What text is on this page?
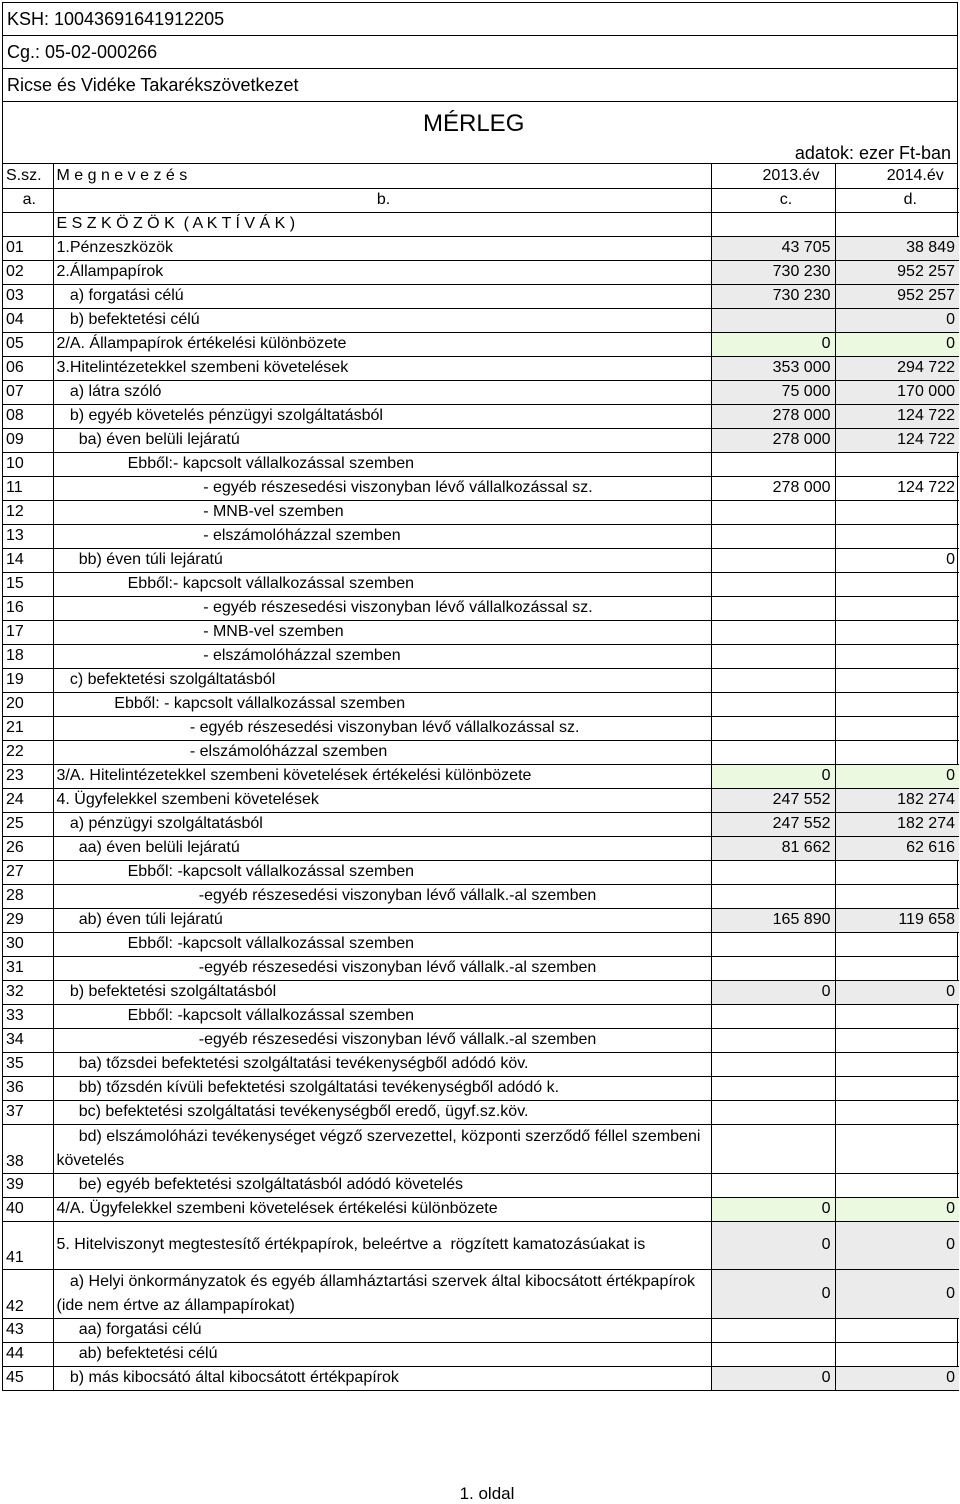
KSH: 10043691641912205
Cg.: 05-02-000266
Ricse és Vidéke Takarékszövetkezet
MÉRLEG
adatok: ezer Ft-ban
S.sz.	M e g n e v e z é s	2013.év	2014.év
a.	b.	c.	d.
	E S Z K Ö Z Ö K  ( A K T Í V Á K )		
01	1.Pénzeszközök	43 705	38 849
02	2.Állampapírok	730 230	952 257
03	a) forgatási célú	730 230	952 257
04	b) befektetési célú		0
05	2/A. Állampapírok értékelési különbözete	0	0
06	3.Hitelintézetekkel szembeni követelések	353 000	294 722
07	a) látra szóló	75 000	170 000
08	b) egyéb követelés pénzügyi szolgáltatásból	278 000	124 722
09	ba) éven belüli lejáratú	278 000	124 722
10	Ebből:- kapcsolt vállalkozással szemben		
11	- egyéb részesedési viszonyban lévő vállalkozással sz.	278 000	124 722
12	- MNB-vel szemben		
13	- elszámolóházzal szemben		
14	bb) éven túli lejáratú		0
15	Ebből:- kapcsolt vállalkozással szemben		
16	- egyéb részesedési viszonyban lévő vállalkozással sz.		
17	- MNB-vel szemben		
18	- elszámolóházzal szemben		
19	c) befektetési szolgáltatásból		
20	Ebből: - kapcsolt vállalkozással szemben		
21	- egyéb részesedési viszonyban lévő vállalkozással sz.		
22	- elszámolóházzal szemben		
23	3/A. Hitelintézetekkel szembeni követelések értékelési különbözete	0	0
24	4. Ügyfelekkel szembeni követelések	247 552	182 274
25	a) pénzügyi szolgáltatásból	247 552	182 274
26	aa) éven belüli lejáratú	81 662	62 616
27	Ebből: -kapcsolt vállalkozással szemben		
28	-egyéb részesedési viszonyban lévő vállalk.-al szemben		
29	ab) éven túli lejáratú	165 890	119 658
30	Ebből: -kapcsolt vállalkozással szemben		
31	-egyéb részesedési viszonyban lévő vállalk.-al szemben		
32	b) befektetési szolgáltatásból	0	0
33	Ebből: -kapcsolt vállalkozással szemben		
34	-egyéb részesedési viszonyban lévő vállalk.-al szemben		
35	ba) tőzsdei befektetési szolgáltatási tevékenységből adódó köv.		
36	bb) tőzsdén kívüli befektetési szolgáltatási tevékenységből adódó k.		
37	bc) befektetési szolgáltatási tevékenységből eredő, ügyf.sz.köv.		
38	bd) elszámolóházi tevékenységet végző szervezettel, központi szerződő féllel szembeni követelés		
39	be) egyéb befektetési szolgáltatásból adódó követelés		
40	4/A. Ügyfelekkel szembeni követelések értékelési különbözete	0	0
41	5. Hitelviszonyt megtestesítő értékpapírok, beleértve a  rögzített kamatozásúakat is	0	0
42	a) Helyi önkormányzatok és egyéb államháztartási szervek által kibocsátott értékpapírok (ide nem értve az állampapírokat)	0	0
43	aa) forgatási célú		
44	ab) befektetési célú		
45	b) más kibocsátó által kibocsátott értékpapírok	0	0
1. oldal
